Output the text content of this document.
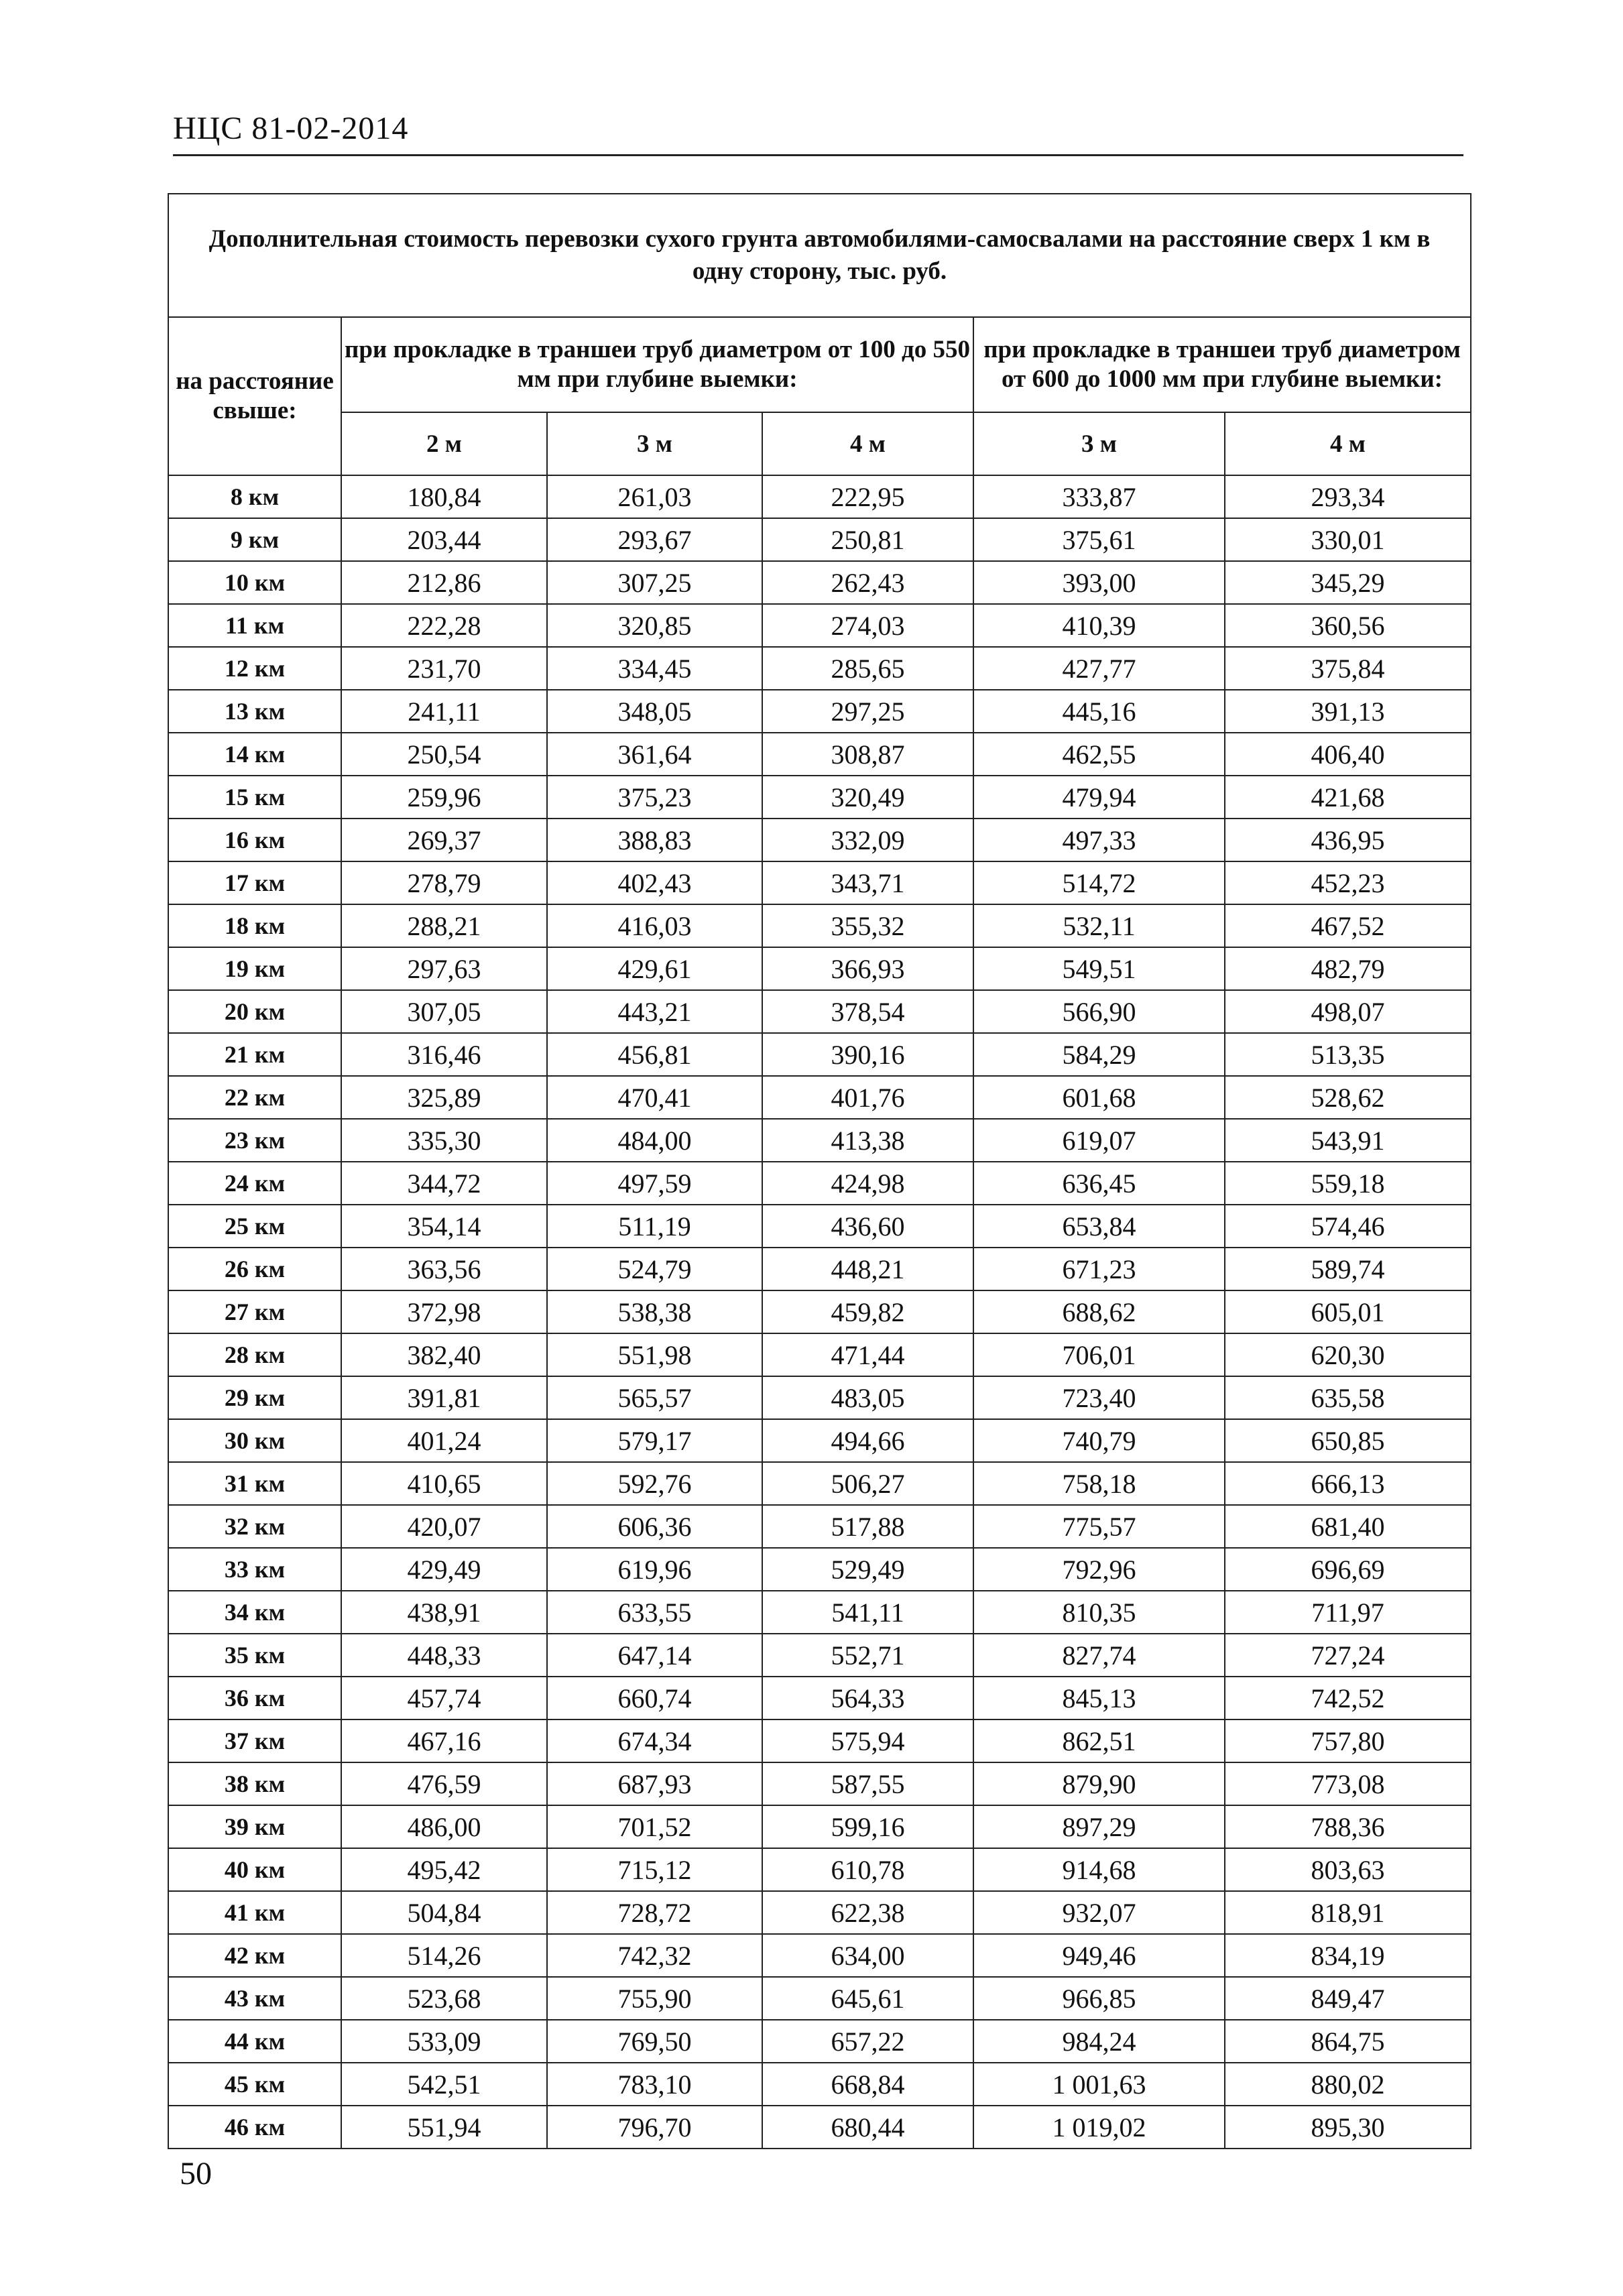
НЦС 81-02-2014
Дополнительная стоимость перевозки сухого грунта автомобилями-самосвалами на расстояние сверх 1 км в одну сторону, тыс. руб.					
на расстояние свыше:	при прокладке в траншеи труб диаметром от 100 до 550 мм при глубине выемки:			при прокладке в траншеи труб диаметром от 600 до 1000 мм при глубине выемки:	
	2 м	3 м	4 м	3 м	4 м
8 км	180,84	261,03	222,95	333,87	293,34
9 км	203,44	293,67	250,81	375,61	330,01
10 км	212,86	307,25	262,43	393,00	345,29
11 км	222,28	320,85	274,03	410,39	360,56
12 км	231,70	334,45	285,65	427,77	375,84
13 км	241,11	348,05	297,25	445,16	391,13
14 км	250,54	361,64	308,87	462,55	406,40
15 км	259,96	375,23	320,49	479,94	421,68
16 км	269,37	388,83	332,09	497,33	436,95
17 км	278,79	402,43	343,71	514,72	452,23
18 км	288,21	416,03	355,32	532,11	467,52
19 км	297,63	429,61	366,93	549,51	482,79
20 км	307,05	443,21	378,54	566,90	498,07
21 км	316,46	456,81	390,16	584,29	513,35
22 км	325,89	470,41	401,76	601,68	528,62
23 км	335,30	484,00	413,38	619,07	543,91
24 км	344,72	497,59	424,98	636,45	559,18
25 км	354,14	511,19	436,60	653,84	574,46
26 км	363,56	524,79	448,21	671,23	589,74
27 км	372,98	538,38	459,82	688,62	605,01
28 км	382,40	551,98	471,44	706,01	620,30
29 км	391,81	565,57	483,05	723,40	635,58
30 км	401,24	579,17	494,66	740,79	650,85
31 км	410,65	592,76	506,27	758,18	666,13
32 км	420,07	606,36	517,88	775,57	681,40
33 км	429,49	619,96	529,49	792,96	696,69
34 км	438,91	633,55	541,11	810,35	711,97
35 км	448,33	647,14	552,71	827,74	727,24
36 км	457,74	660,74	564,33	845,13	742,52
37 км	467,16	674,34	575,94	862,51	757,80
38 км	476,59	687,93	587,55	879,90	773,08
39 км	486,00	701,52	599,16	897,29	788,36
40 км	495,42	715,12	610,78	914,68	803,63
41 км	504,84	728,72	622,38	932,07	818,91
42 км	514,26	742,32	634,00	949,46	834,19
43 км	523,68	755,90	645,61	966,85	849,47
44 км	533,09	769,50	657,22	984,24	864,75
45 км	542,51	783,10	668,84	1 001,63	880,02
46 км	551,94	796,70	680,44	1 019,02	895,30
50
